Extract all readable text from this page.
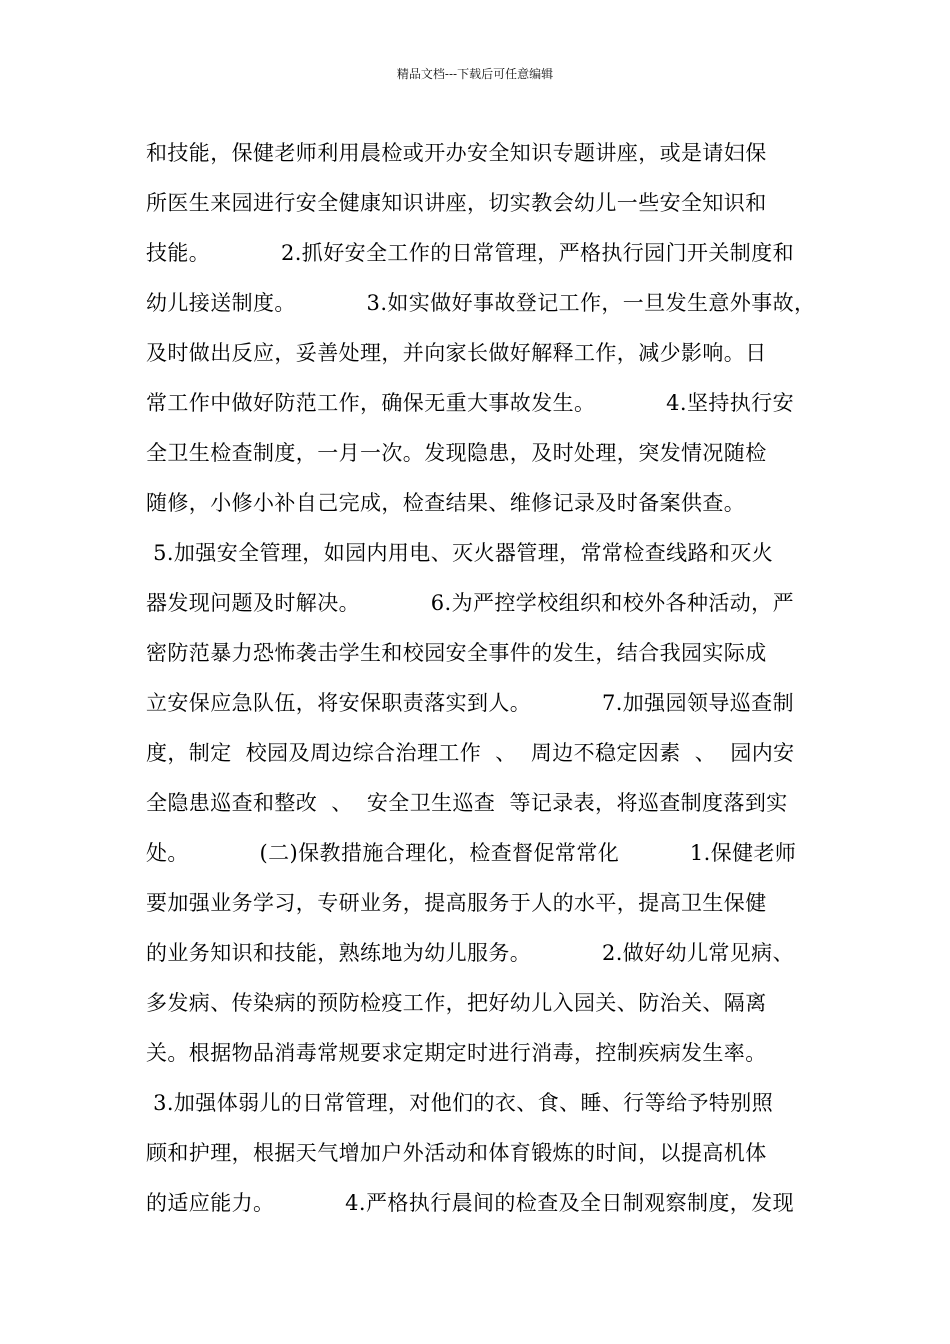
精品文档---下载后可任意编辑
和技能，保健老师利用晨检或开办安全知识专题讲座，或是请妇保
所医生来园进行安全健康知识讲座，切实教会幼儿一些安全知识和
技能。          2.抓好安全工作的日常管理，严格执行园门开关制度和
幼儿接送制度。          3.如实做好事故登记工作，一旦发生意外事故，
及时做出反应，妥善处理，并向家长做好解释工作，减少影响。日
常工作中做好防范工作，确保无重大事故发生。          4.坚持执行安
全卫生检查制度，一月一次。发现隐患，及时处理，突发情况随检
随修，小修小补自己完成，检查结果、维修记录及时备案供查。
5.加强安全管理，如园内用电、灭火器管理，常常检查线路和灭火
器发现问题及时解决。          6.为严控学校组织和校外各种活动，严
密防范暴力恐怖袭击学生和校园安全事件的发生，结合我园实际成
立安保应急队伍，将安保职责落实到人。          7.加强园领导巡查制
度，制定  校园及周边综合治理工作  、  周边不稳定因素  、  园内安
全隐患巡查和整改  、  安全卫生巡查  等记录表，将巡查制度落到实
处。          (二)保教措施合理化，检查督促常常化          1.保健老师
要加强业务学习，专研业务，提高服务于人的水平，提高卫生保健
的业务知识和技能，熟练地为幼儿服务。          2.做好幼儿常见病、
多发病、传染病的预防检疫工作，把好幼儿入园关、防治关、隔离
关。根据物品消毒常规要求定期定时进行消毒，控制疾病发生率。
3.加强体弱儿的日常管理，对他们的衣、食、睡、行等给予特别照
顾和护理，根据天气增加户外活动和体育锻炼的时间，以提高机体
的适应能力。          4.严格执行晨间的检查及全日制观察制度，发现
